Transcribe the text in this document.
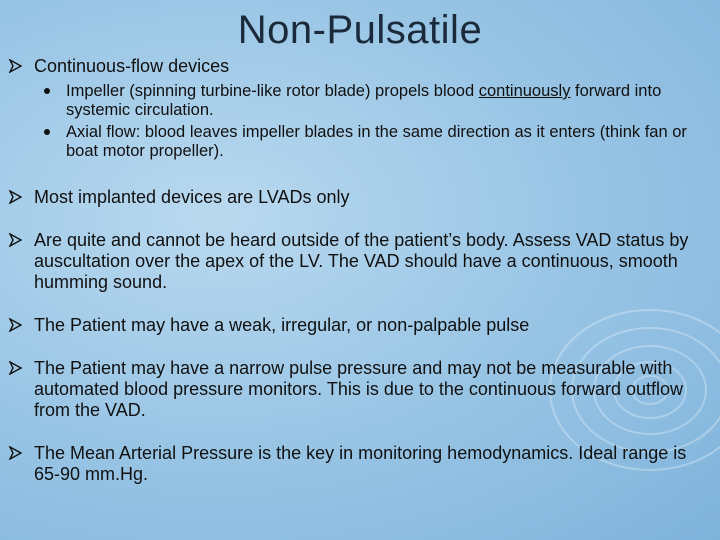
Non-Pulsatile
Continuous-flow devices
Impeller (spinning turbine-like rotor blade) propels blood continuously forward into systemic circulation.
Axial flow: blood leaves impeller blades in the same direction as it enters (think fan or boat motor propeller).
Most implanted devices are LVADs only
Are quite and cannot be heard outside of the patient’s body. Assess VAD status by auscultation over the apex of the LV. The VAD should have a continuous, smooth humming sound.
The Patient may have a weak, irregular, or non-palpable pulse
The Patient may have a narrow pulse pressure and may not be measurable with automated blood pressure monitors. This is due to the continuous forward outflow from the VAD.
The Mean Arterial Pressure is the key in monitoring hemodynamics. Ideal range is 65-90 mm.Hg.
